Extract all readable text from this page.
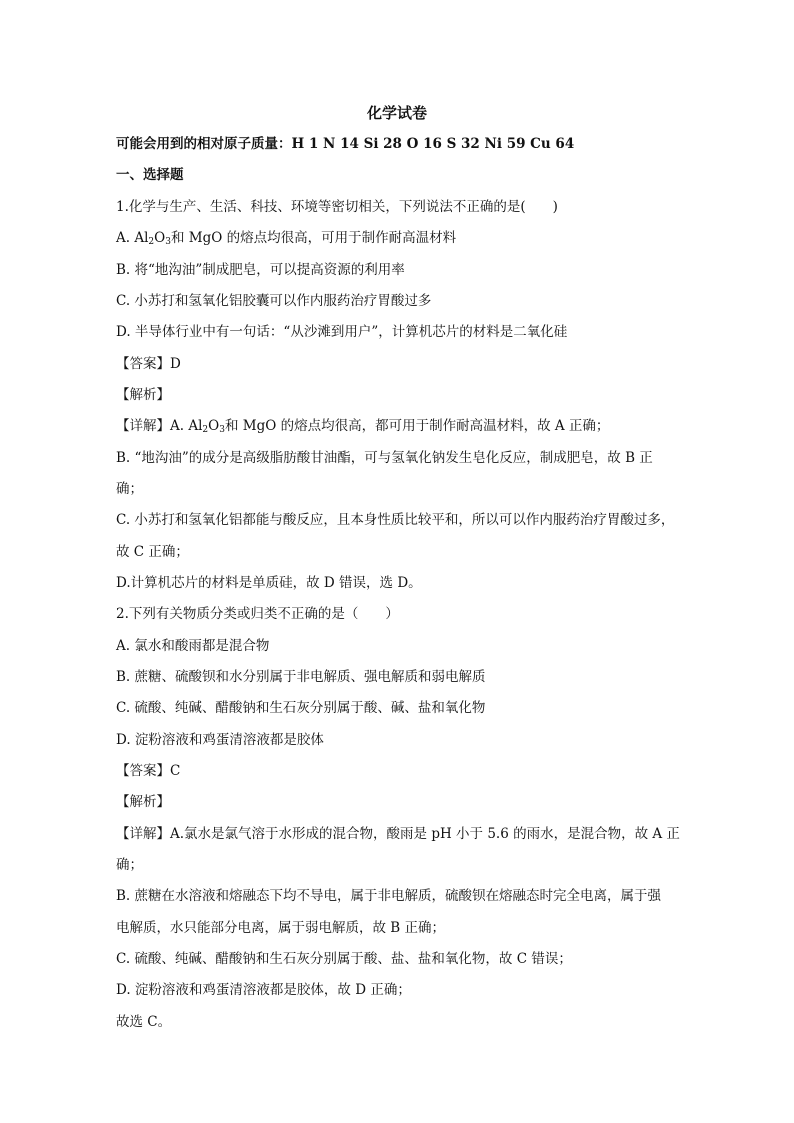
化学试卷
可能会用到的相对原子质量：H 1 N 14 Si 28 O 16 S 32 Ni 59 Cu 64
一、选择题
1.化学与生产、生活、科技、环境等密切相关，下列说法不正确的是(　　)
A. $Al_2O_3$和 MgO 的熔点均很高，可用于制作耐高温材料
B. 将“地沟油”制成肥皂，可以提高资源的利用率
C. 小苏打和氢氧化铝胶囊可以作内服药治疗胃酸过多
D. 半导体行业中有一句话：“从沙滩到用户”，计算机芯片的材料是二氧化硅
【答案】D
【解析】
【详解】A. $Al_2O_3$和 MgO 的熔点均很高，都可用于制作耐高温材料，故 A 正确；
B. “地沟油”的成分是高级脂肪酸甘油酯，可与氢氧化钠发生皂化反应，制成肥皂，故 B 正
确；
C. 小苏打和氢氧化铝都能与酸反应，且本身性质比较平和，所以可以作内服药治疗胃酸过多，
故 C 正确；
D.计算机芯片的材料是单质硅，故 D 错误，选 D。
2.下列有关物质分类或归类不正确的是（　　）
A. 氯水和酸雨都是混合物
B. 蔗糖、硫酸钡和水分别属于非电解质、强电解质和弱电解质
C. 硫酸、纯碱、醋酸钠和生石灰分别属于酸、碱、盐和氧化物
D. 淀粉溶液和鸡蛋清溶液都是胶体
【答案】C
【解析】
【详解】A.氯水是氯气溶于水形成的混合物，酸雨是 pH 小于 5.6 的雨水，是混合物，故 A 正
确；
B. 蔗糖在水溶液和熔融态下均不导电，属于非电解质，硫酸钡在熔融态时完全电离，属于强
电解质，水只能部分电离，属于弱电解质，故 B 正确；
C. 硫酸、纯碱、醋酸钠和生石灰分别属于酸、盐、盐和氧化物，故 C 错误；
D. 淀粉溶液和鸡蛋清溶液都是胶体，故 D 正确；
故选 C。
